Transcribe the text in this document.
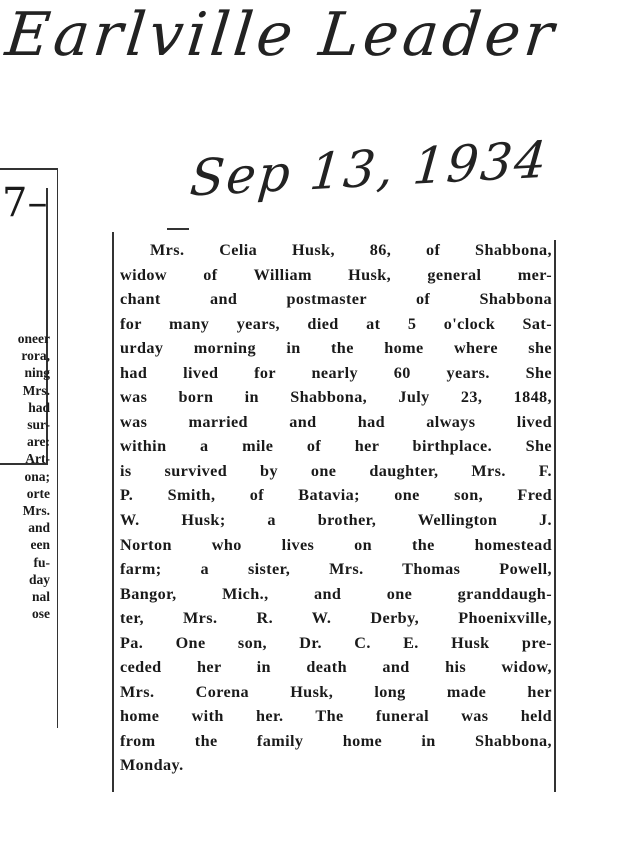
Earlville Leader
Sep 13, 1934
7–
oneer
rora,
ning
Mrs.
had
sur-
are:
Art-
ona;
orte
Mrs.
and
een
fu-
day
nal
ose
Mrs. Celia Husk, 86, of Shabbona,
widow of William Husk, general mer-
chant and postmaster of Shabbona
for many years, died at 5 o'clock Sat-
urday morning in the home where she
had lived for nearly 60 years. She
was born in Shabbona, July 23, 1848,
was married and had always lived
within a mile of her birthplace. She
is survived by one daughter, Mrs. F.
P. Smith, of Batavia; one son, Fred
W. Husk; a brother, Wellington J.
Norton who lives on the homestead
farm; a sister, Mrs. Thomas Powell,
Bangor, Mich., and one granddaugh-
ter, Mrs. R. W. Derby, Phoenixville,
Pa. One son, Dr. C. E. Husk pre-
ceded her in death and his widow,
Mrs. Corena Husk, long made her
home with her. The funeral was held
from the family home in Shabbona,
Monday.
